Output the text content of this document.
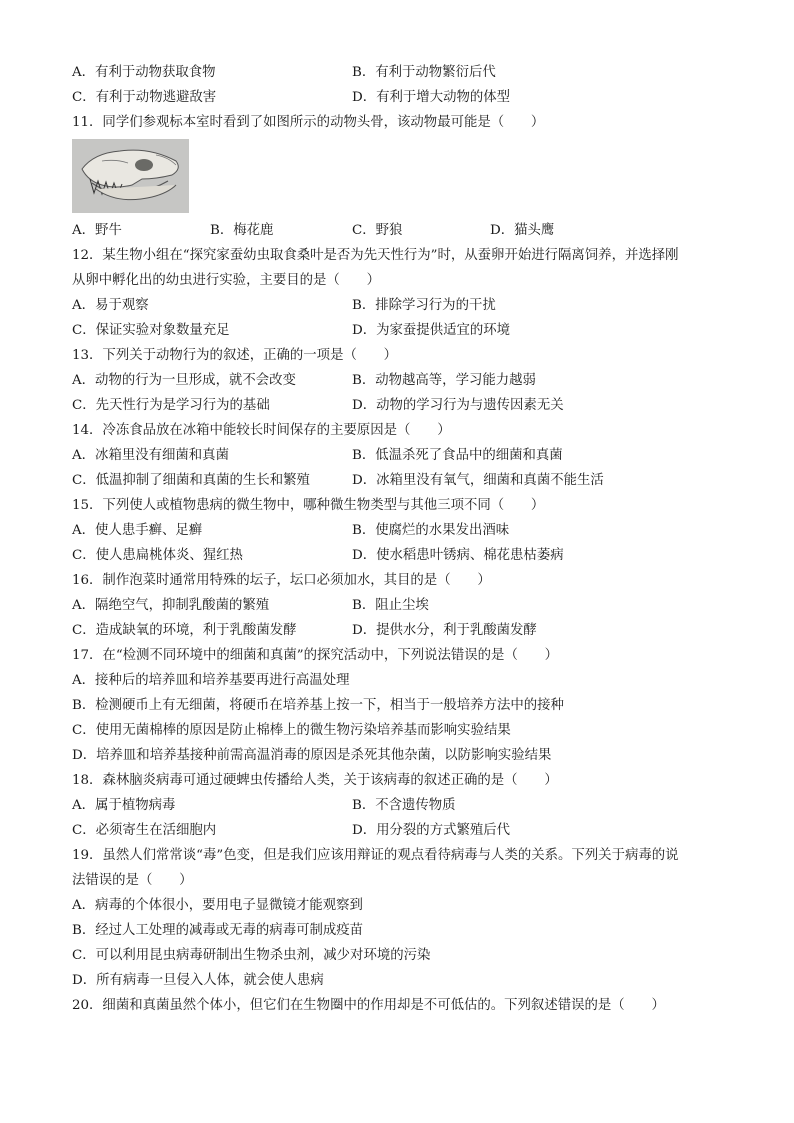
A．有利于动物获取食物	B．有利于动物繁衍后代
C．有利于动物逃避敌害	D．有利于增大动物的体型
11．同学们参观标本室时看到了如图所示的动物头骨，该动物最可能是（　　）
A．野牛	B．梅花鹿	C．野狼	D．猫头鹰
12．某生物小组在“探究家蚕幼虫取食桑叶是否为先天性行为”时，从蚕卵开始进行隔离饲养，并选择刚
从卵中孵化出的幼虫进行实验，主要目的是（　　）
A．易于观察	B．排除学习行为的干扰
C．保证实验对象数量充足	D．为家蚕提供适宜的环境
13．下列关于动物行为的叙述，正确的一项是（　　）
A．动物的行为一旦形成，就不会改变	B．动物越高等，学习能力越弱
C．先天性行为是学习行为的基础	D．动物的学习行为与遗传因素无关
14．冷冻食品放在冰箱中能较长时间保存的主要原因是（　　）
A．冰箱里没有细菌和真菌	B．低温杀死了食品中的细菌和真菌
C．低温抑制了细菌和真菌的生长和繁殖	D．冰箱里没有氧气，细菌和真菌不能生活
15．下列使人或植物患病的微生物中，哪种微生物类型与其他三项不同（　　）
A．使人患手癣、足癣	B．使腐烂的水果发出酒味
C．使人患扁桃体炎、猩红热	D．使水稻患叶锈病、棉花患枯萎病
16．制作泡菜时通常用特殊的坛子，坛口必须加水，其目的是（　　）
A．隔绝空气，抑制乳酸菌的繁殖	B．阻止尘埃
C．造成缺氧的环境，利于乳酸菌发酵	D．提供水分，利于乳酸菌发酵
17．在“检测不同环境中的细菌和真菌”的探究活动中，下列说法错误的是（　　）
A．接种后的培养皿和培养基要再进行高温处理
B．检测硬币上有无细菌，将硬币在培养基上按一下，相当于一般培养方法中的接种
C．使用无菌棉棒的原因是防止棉棒上的微生物污染培养基而影响实验结果
D．培养皿和培养基接种前需高温消毒的原因是杀死其他杂菌，以防影响实验结果
18．森林脑炎病毒可通过硬蜱虫传播给人类，关于该病毒的叙述正确的是（　　）
A．属于植物病毒	B．不含遗传物质
C．必须寄生在活细胞内	D．用分裂的方式繁殖后代
19．虽然人们常常谈“毒”色变，但是我们应该用辩证的观点看待病毒与人类的关系。下列关于病毒的说
法错误的是（　　）
A．病毒的个体很小，要用电子显微镜才能观察到
B．经过人工处理的减毒或无毒的病毒可制成疫苗
C．可以利用昆虫病毒研制出生物杀虫剂，减少对环境的污染
D．所有病毒一旦侵入人体，就会使人患病
20．细菌和真菌虽然个体小，但它们在生物圈中的作用却是不可低估的。下列叙述错误的是（　　）
